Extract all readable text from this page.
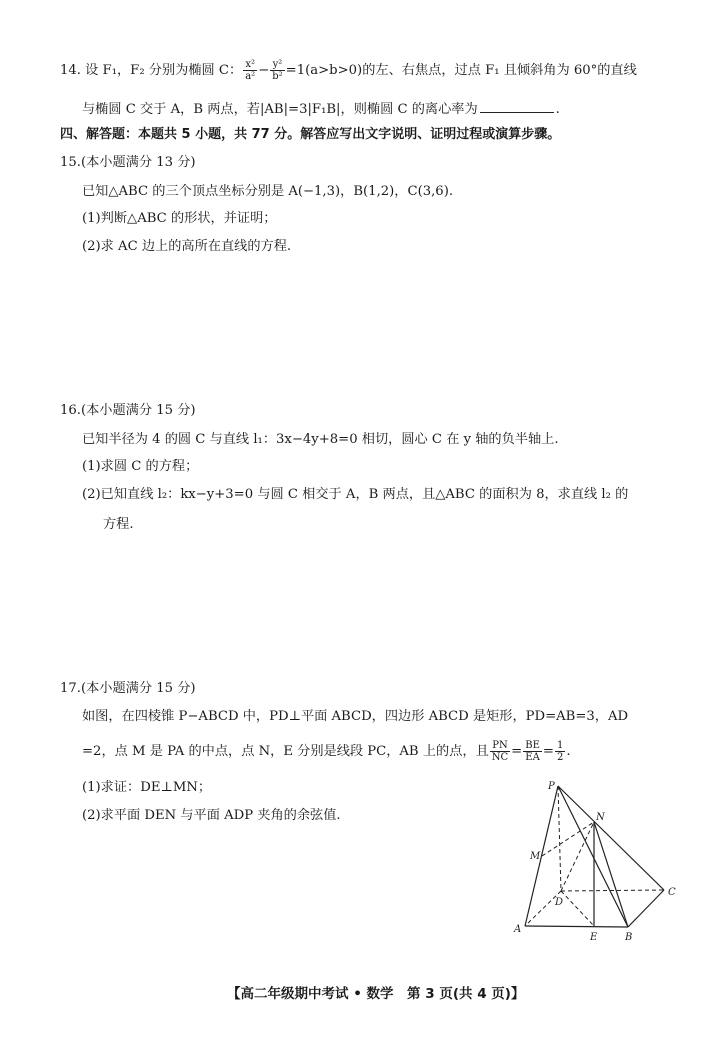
14. 设 F₁，F₂ 分别为椭圆 C： $\frac{\text{x²}}{\text{a²}} - \frac{\text{y²}}{\text{b²}} =1(a>b>0)$的左、右焦点，过点 F₁ 且倾斜角为 60°的直线
与椭圆 C 交于 A，B 两点，若|AB|=3|F₁B|，则椭圆 C 的离心率为	.
四、解答题：本题共 5 小题，共 77 分。解答应写出文字说明、证明过程或演算步骤。
15.(本小题满分 13 分)
已知△ABC 的三个顶点坐标分别是 A(−1,3)，B(1,2)，C(3,6).
(1)判断△ABC 的形状，并证明；
(2)求 AC 边上的高所在直线的方程.
16.(本小题满分 15 分)
已知半径为 4 的圆 C 与直线 l₁：3x−4y+8=0 相切，圆心 C 在 y 轴的负半轴上.
(1)求圆 C 的方程；
(2)已知直线 l₂：kx−y+3=0 与圆 C 相交于 A，B 两点，且△ABC 的面积为 8，求直线 l₂ 的
方程.
17.(本小题满分 15 分)
如图，在四棱锥 P−ABCD 中，PD⊥平面 ABCD，四边形 ABCD 是矩形，PD=AB=3，AD
=2，点 M 是 PA 的中点，点 N，E 分别是线段 PC，AB 上的点，且 $\frac{PN}{NC} = \frac{BE}{EA} = \frac{1}{2}$ .
(1)求证：DE⊥MN；
(2)求平面 DEN 与平面 ADP 夹角的余弦值.
P
N
M
D
C
A
E	B
【高二年级期中考试 • 数学　第 3 页(共 4 页)】
